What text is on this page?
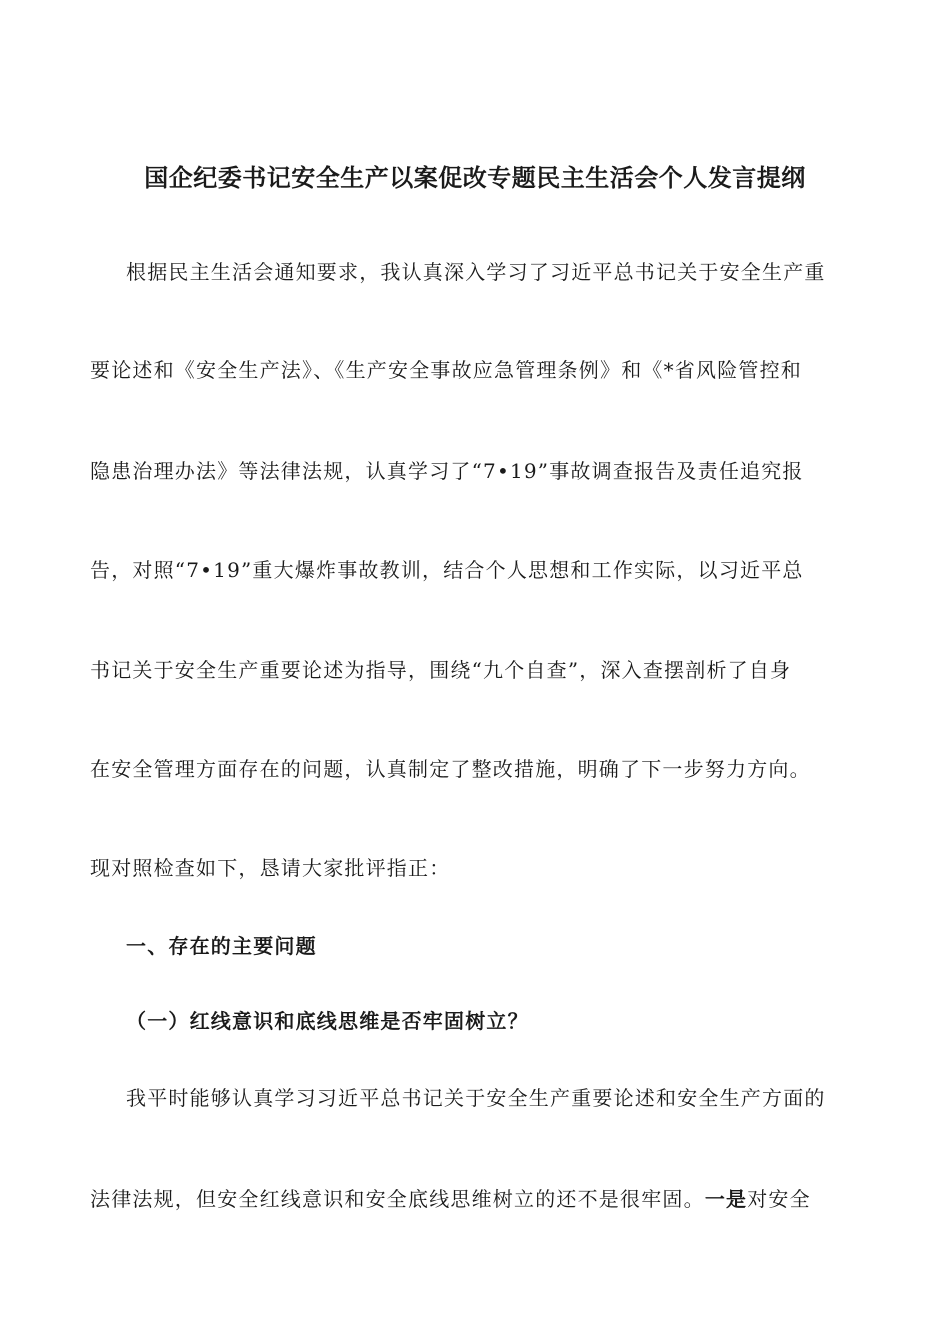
国企纪委书记安全生产以案促改专题民主生活会个人发言提纲
根据民主生活会通知要求，我认真深入学习了习近平总书记关于安全生产重
要论述和《安全生产法》、《生产安全事故应急管理条例》和《*省风险管控和
隐患治理办法》等法律法规，认真学习了“7•19”事故调查报告及责任追究报
告，对照“7•19”重大爆炸事故教训，结合个人思想和工作实际，以习近平总
书记关于安全生产重要论述为指导，围绕“九个自查”，深入查摆剖析了自身
在安全管理方面存在的问题，认真制定了整改措施，明确了下一步努力方向。
现对照检查如下，恳请大家批评指正：
一、存在的主要问题
（一）红线意识和底线思维是否牢固树立？
我平时能够认真学习习近平总书记关于安全生产重要论述和安全生产方面的
法律法规，但安全红线意识和安全底线思维树立的还不是很牢固。一是对安全
